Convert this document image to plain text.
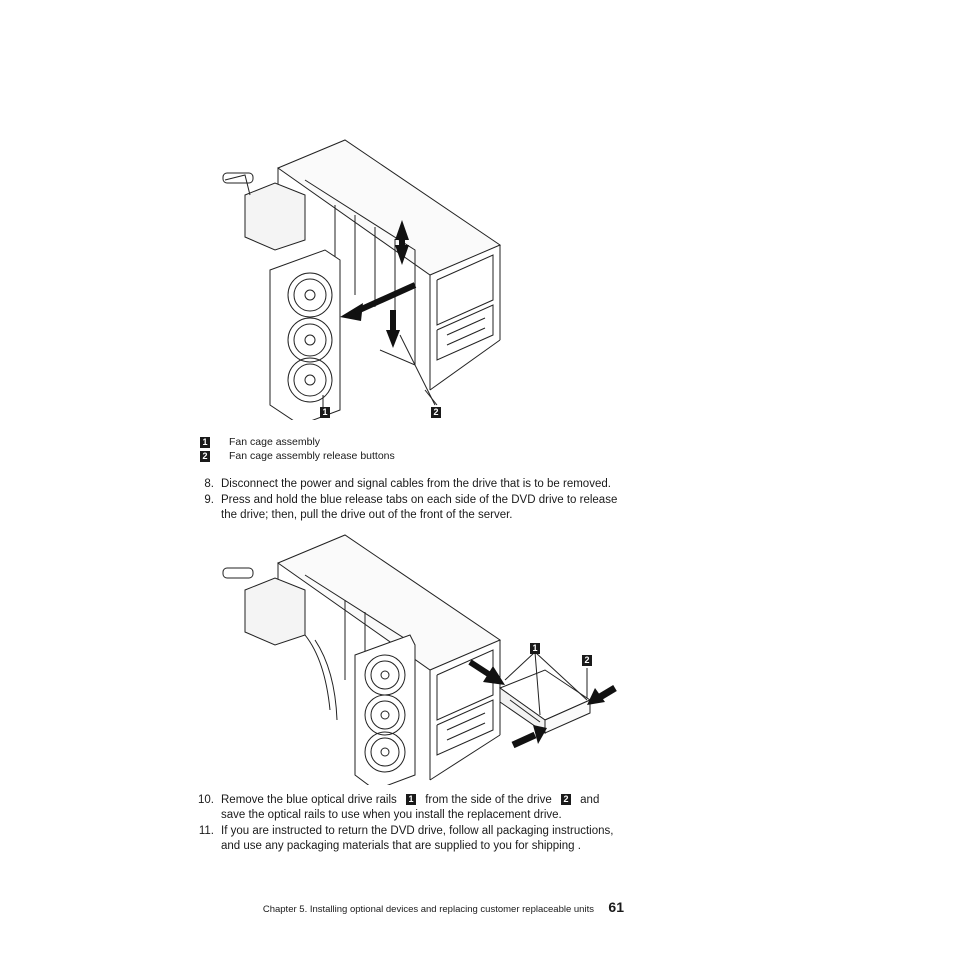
1	2
1 Fan cage assembly
2 Fan cage assembly release buttons
8. Disconnect the power and signal cables from the drive that is to be removed.
9. Press and hold the blue release tabs on each side of the DVD drive to release the drive; then, pull the drive out of the front of the server.
1
2
10. Remove the blue optical drive rails 1 from the side of the drive 2 and save the optical rails to use when you install the replacement drive.
11. If you are instructed to return the DVD drive, follow all packaging instructions, and use any packaging materials that are supplied to you for shipping .
Chapter 5. Installing optional devices and replacing customer replaceable units 61
